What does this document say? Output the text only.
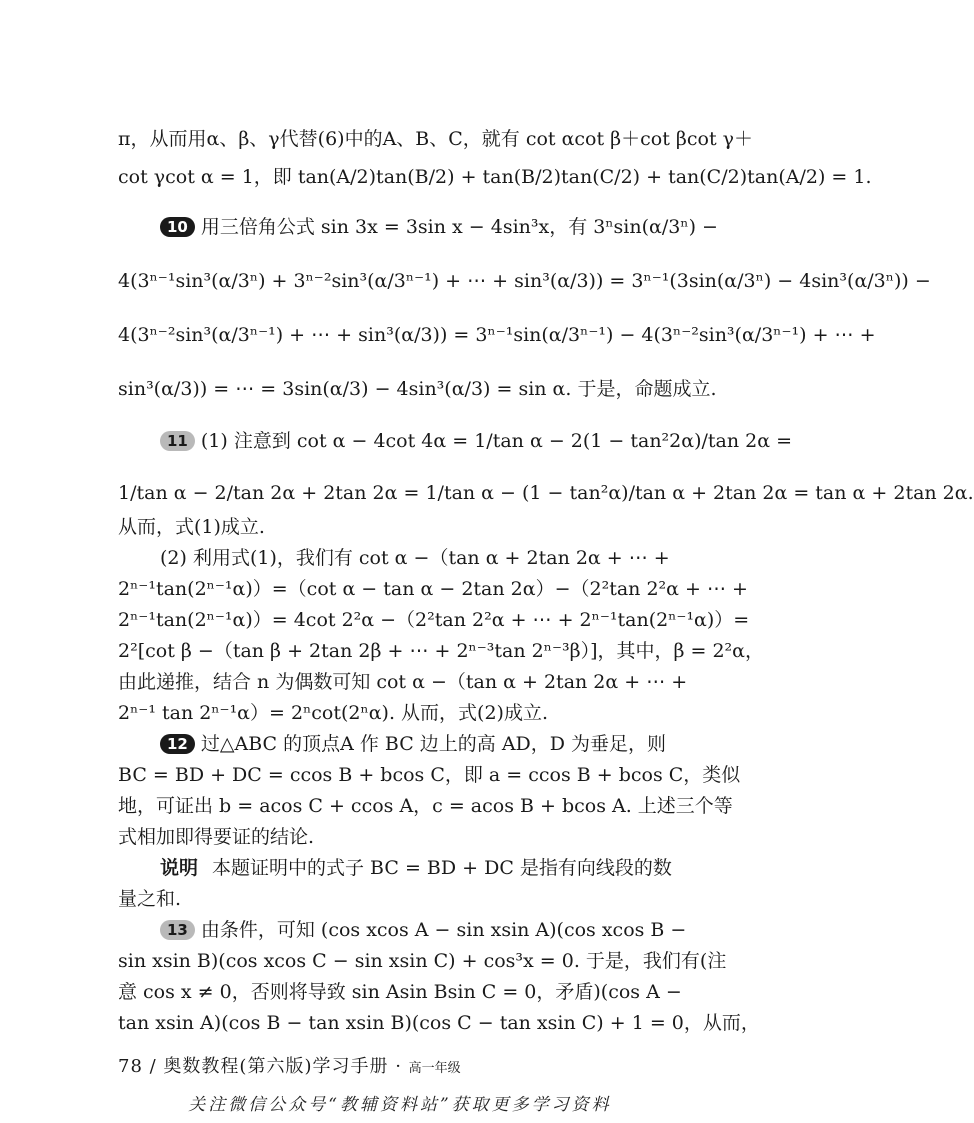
π，从而用α、β、γ代替(6)中的A、B、C，就有 cot αcot β＋cot βcot γ＋
cot γcot α = 1，即 tan(A/2)tan(B/2) + tan(B/2)tan(C/2) + tan(C/2)tan(A/2) = 1.
10 用三倍角公式 sin 3x = 3sin x − 4sin³x，有 3ⁿsin(α/3ⁿ) −
4(3ⁿ⁻¹sin³(α/3ⁿ) + 3ⁿ⁻²sin³(α/3ⁿ⁻¹) + ⋯ + sin³(α/3)) = 3ⁿ⁻¹(3sin(α/3ⁿ) − 4sin³(α/3ⁿ)) −
4(3ⁿ⁻²sin³(α/3ⁿ⁻¹) + ⋯ + sin³(α/3)) = 3ⁿ⁻¹sin(α/3ⁿ⁻¹) − 4(3ⁿ⁻²sin³(α/3ⁿ⁻¹) + ⋯ +
sin³(α/3)) = ⋯ = 3sin(α/3) − 4sin³(α/3) = sin α. 于是，命题成立.
11 (1) 注意到 cot α − 4cot 4α = 1/tan α − 2(1 − tan²2α)/tan 2α =
1/tan α − 2/tan 2α + 2tan 2α = 1/tan α − (1 − tan²α)/tan α + 2tan 2α = tan α + 2tan 2α.
从而，式(1)成立.
(2) 利用式(1)，我们有 cot α −（tan α + 2tan 2α + ⋯ +
2ⁿ⁻¹tan(2ⁿ⁻¹α)）=（cot α − tan α − 2tan 2α）−（2²tan 2²α + ⋯ +
2ⁿ⁻¹tan(2ⁿ⁻¹α)）= 4cot 2²α −（2²tan 2²α + ⋯ + 2ⁿ⁻¹tan(2ⁿ⁻¹α)）=
2²[cot β −（tan β + 2tan 2β + ⋯ + 2ⁿ⁻³tan 2ⁿ⁻³β）]，其中，β = 2²α，
由此递推，结合 n 为偶数可知 cot α −（tan α + 2tan 2α + ⋯ +
2ⁿ⁻¹ tan 2ⁿ⁻¹α）= 2ⁿcot(2ⁿα). 从而，式(2)成立.
12 过△ABC 的顶点A 作 BC 边上的高 AD，D 为垂足，则
BC = BD + DC = ccos B + bcos C，即 a = ccos B + bcos C，类似
地，可证出 b = acos C + ccos A，c = acos B + bcos A. 上述三个等
式相加即得要证的结论.
说明 本题证明中的式子 BC = BD + DC 是指有向线段的数
量之和.
13 由条件，可知 (cos xcos A − sin xsin A)(cos xcos B −
sin xsin B)(cos xcos C − sin xsin C) + cos³x = 0. 于是，我们有(注
意 cos x ≠ 0，否则将导致 sin Asin Bsin C = 0，矛盾)(cos A −
tan xsin A)(cos B − tan xsin B)(cos C − tan xsin C) + 1 = 0，从而，
78 / 奥数教程(第六版)学习手册 · 高一年级
关注微信公众号“教辅资料站”获取更多学习资料
